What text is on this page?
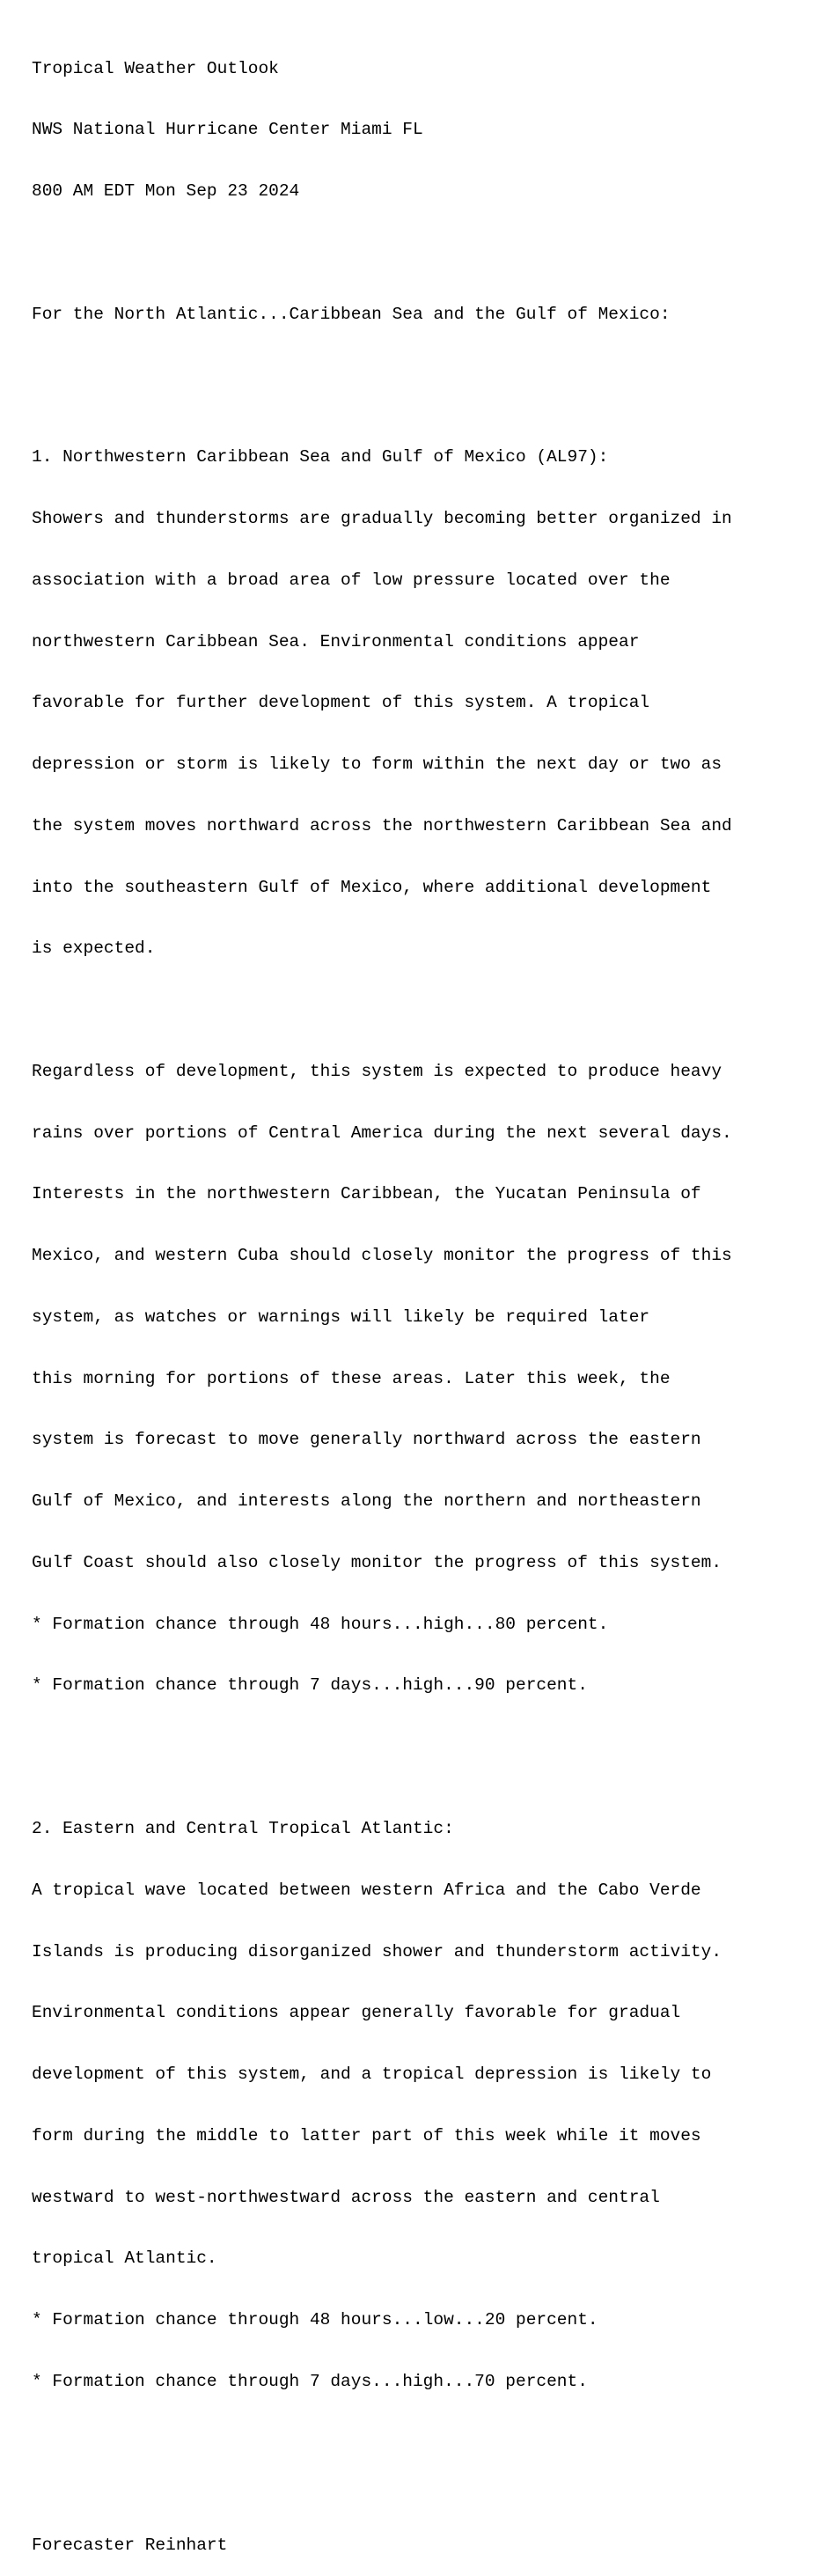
Tropical Weather Outlook

NWS National Hurricane Center Miami FL

800 AM EDT Mon Sep 23 2024

For the North Atlantic...Caribbean Sea and the Gulf of Mexico:

1. Northwestern Caribbean Sea and Gulf of Mexico (AL97):

Showers and thunderstorms are gradually becoming better organized in

association with a broad area of low pressure located over the

northwestern Caribbean Sea. Environmental conditions appear

favorable for further development of this system. A tropical

depression or storm is likely to form within the next day or two as

the system moves northward across the northwestern Caribbean Sea and

into the southeastern Gulf of Mexico, where additional development

is expected.

Regardless of development, this system is expected to produce heavy

rains over portions of Central America during the next several days.

Interests in the northwestern Caribbean, the Yucatan Peninsula of

Mexico, and western Cuba should closely monitor the progress of this

system, as watches or warnings will likely be required later

this morning for portions of these areas. Later this week, the

system is forecast to move generally northward across the eastern

Gulf of Mexico, and interests along the northern and northeastern

Gulf Coast should also closely monitor the progress of this system.

* Formation chance through 48 hours...high...80 percent.

* Formation chance through 7 days...high...90 percent.

2. Eastern and Central Tropical Atlantic:

A tropical wave located between western Africa and the Cabo Verde

Islands is producing disorganized shower and thunderstorm activity.

Environmental conditions appear generally favorable for gradual

development of this system, and a tropical depression is likely to

form during the middle to latter part of this week while it moves

westward to west-northwestward across the eastern and central

tropical Atlantic.

* Formation chance through 48 hours...low...20 percent.

* Formation chance through 7 days...high...70 percent.

Forecaster Reinhart
